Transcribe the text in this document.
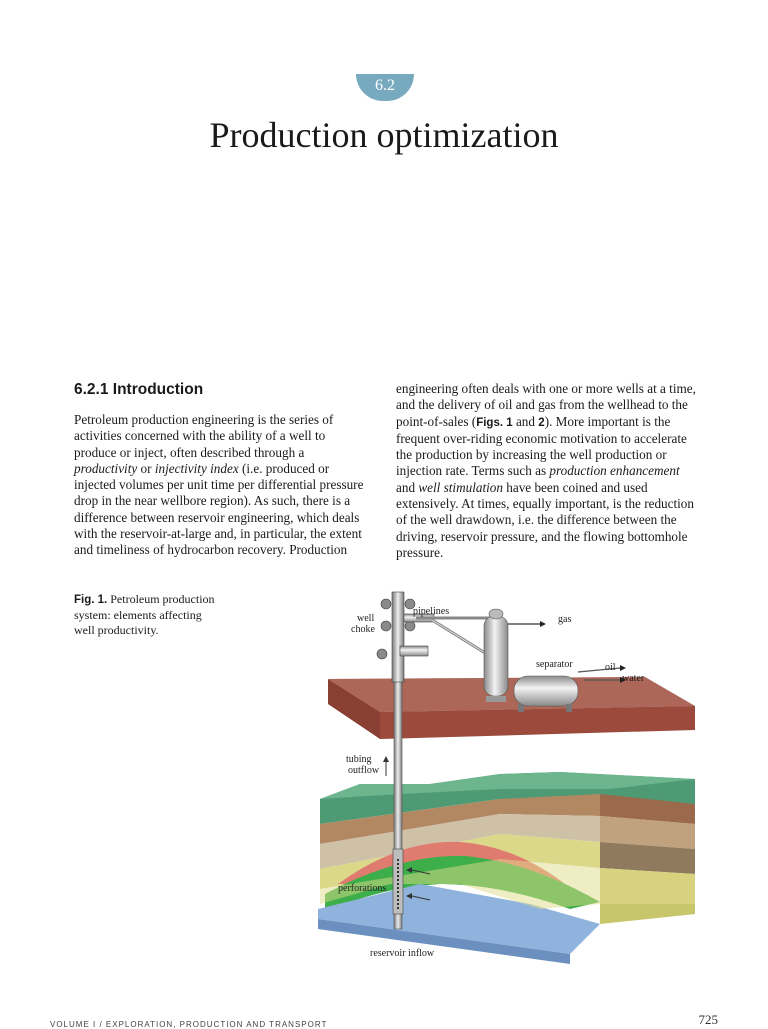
6.2
Production optimization
6.2.1 Introduction

Petroleum production engineering is the series of activities concerned with the ability of a well to produce or inject, often described through a productivity or injectivity index (i.e. produced or injected volumes per unit time per differential pressure drop in the near wellbore region). As such, there is a difference between reservoir engineering, which deals with the reservoir-at-large and, in particular, the extent and timeliness of hydrocarbon recovery. Production

engineering often deals with one or more wells at a time, and the delivery of oil and gas from the wellhead to the point-of-sales (Figs. 1 and 2). More important is the frequent over-riding economic motivation to accelerate the production by increasing the well production or injection rate. Terms such as production enhancement and well stimulation have been coined and used extensively. At times, equally important, is the reduction of the well drawdown, i.e. the difference between the driving, reservoir pressure, and the flowing bottomhole pressure.

Fig. 1. Petroleum production system: elements affecting well productivity.
well
choke
pipelines
gas
separator	oil
water
tubing
outflow
perforations
reservoir inflow
VOLUME I / EXPLORATION, PRODUCTION AND TRANSPORT	725
